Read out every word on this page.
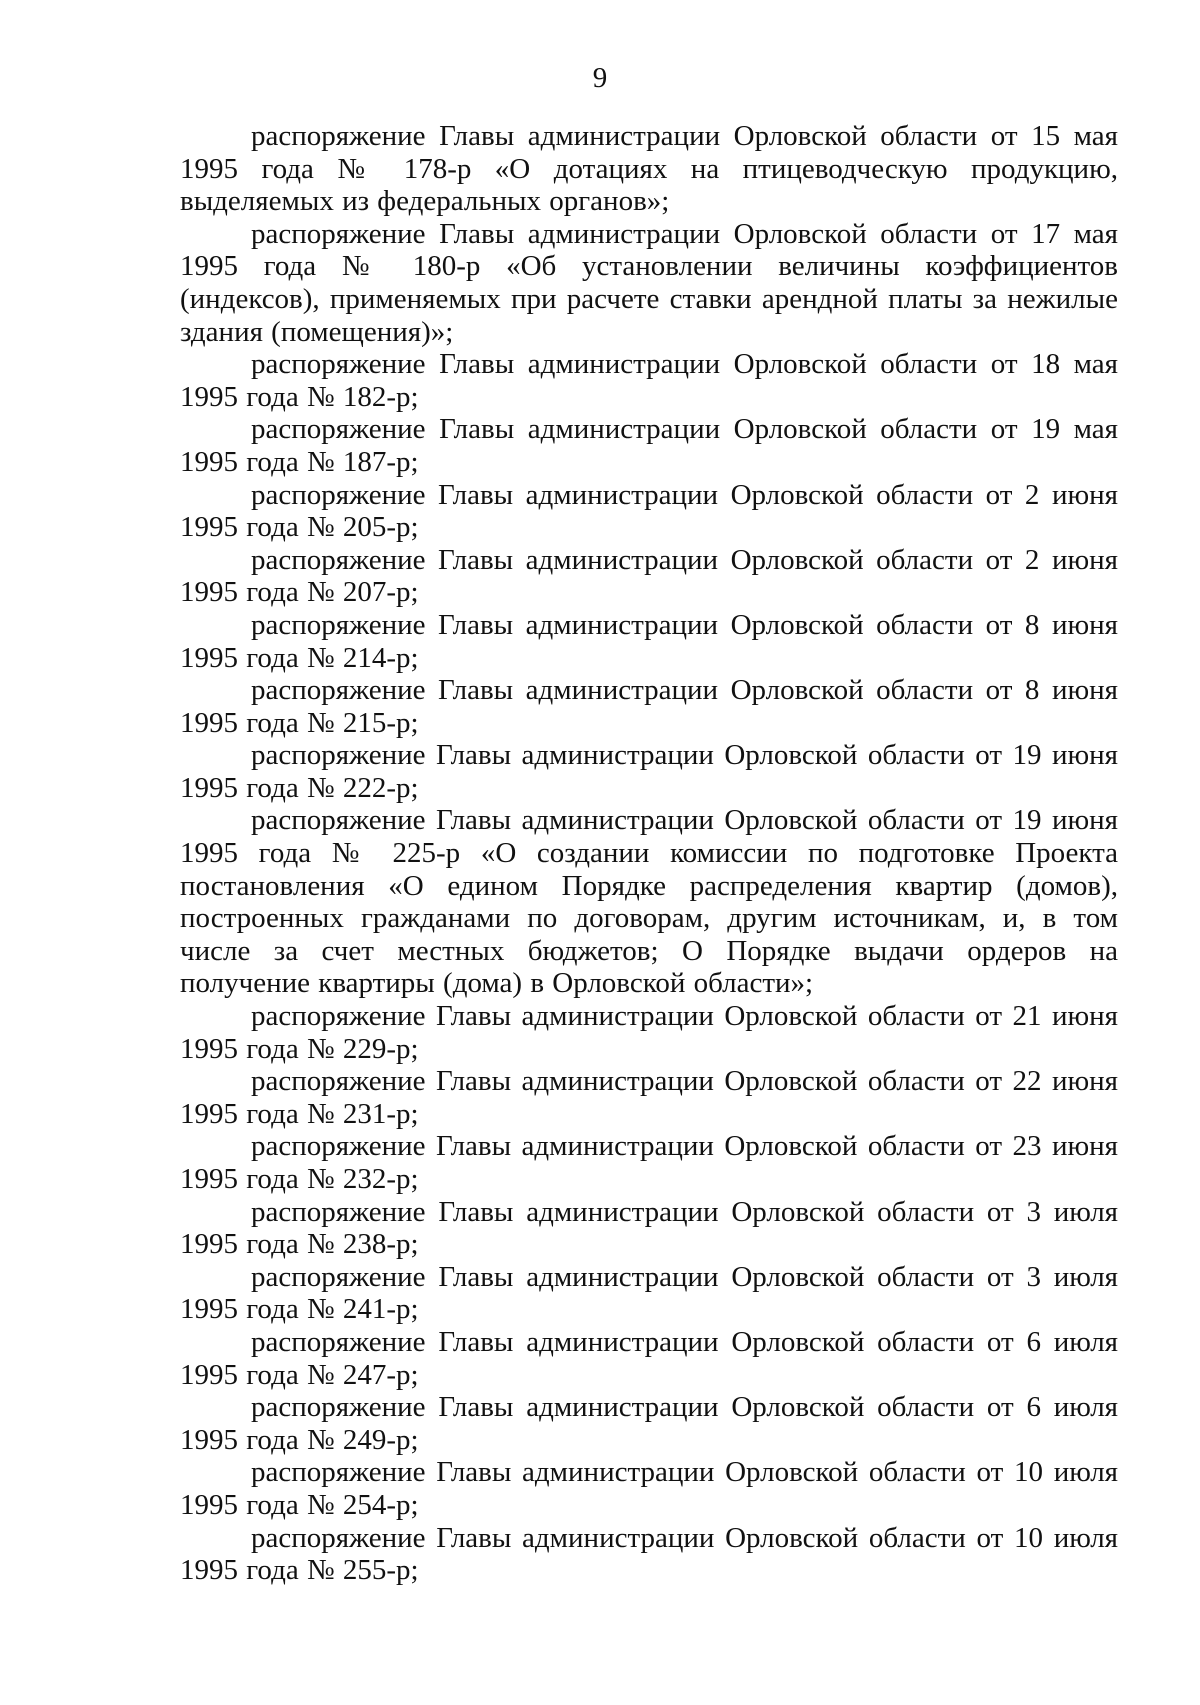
9

распоряжение Главы администрации Орловской области от 15 мая 1995 года № 178-р «О дотациях на птицеводческую продукцию, выделяемых из федеральных органов»;

распоряжение Главы администрации Орловской области от 17 мая 1995 года № 180-р «Об установлении величины коэффициентов (индексов), применяемых при расчете ставки арендной платы за нежилые здания (помещения)»;

распоряжение Главы администрации Орловской области от 18 мая 1995 года № 182-р;

распоряжение Главы администрации Орловской области от 19 мая 1995 года № 187-р;

распоряжение Главы администрации Орловской области от 2 июня 1995 года № 205-р;

распоряжение Главы администрации Орловской области от 2 июня 1995 года № 207-р;

распоряжение Главы администрации Орловской области от 8 июня 1995 года № 214-р;

распоряжение Главы администрации Орловской области от 8 июня 1995 года № 215-р;

распоряжение Главы администрации Орловской области от 19 июня 1995 года № 222-р;

распоряжение Главы администрации Орловской области от 19 июня 1995 года № 225-р «О создании комиссии по подготовке Проекта постановления «О едином Порядке распределения квартир (домов), построенных гражданами по договорам, другим источникам, и, в том числе за счет местных бюджетов; О Порядке выдачи ордеров на получение квартиры (дома) в Орловской области»;

распоряжение Главы администрации Орловской области от 21 июня 1995 года № 229-р;

распоряжение Главы администрации Орловской области от 22 июня 1995 года № 231-р;

распоряжение Главы администрации Орловской области от 23 июня 1995 года № 232-р;

распоряжение Главы администрации Орловской области от 3 июля 1995 года № 238-р;

распоряжение Главы администрации Орловской области от 3 июля 1995 года № 241-р;

распоряжение Главы администрации Орловской области от 6 июля 1995 года № 247-р;

распоряжение Главы администрации Орловской области от 6 июля 1995 года № 249-р;

распоряжение Главы администрации Орловской области от 10 июля 1995 года № 254-р;

распоряжение Главы администрации Орловской области от 10 июля 1995 года № 255-р;
